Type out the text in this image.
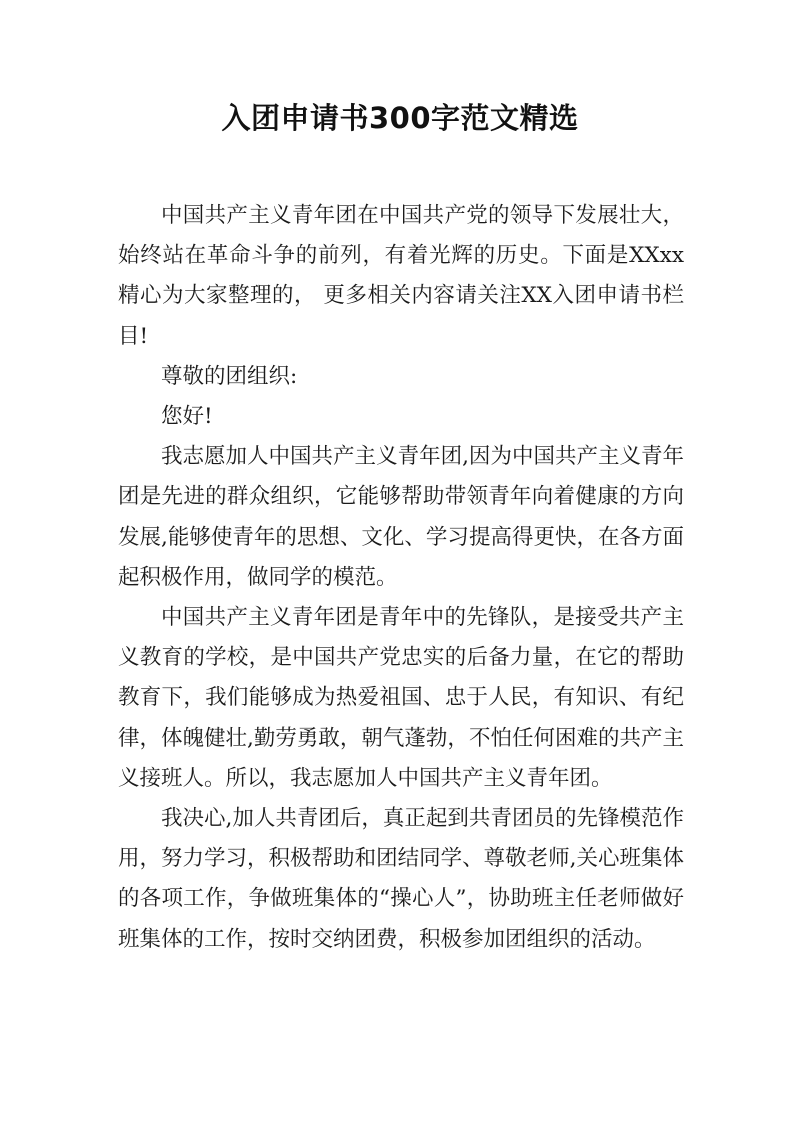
入团申请书300字范文精选

中国共产主义青年团在中国共产党的领导下发展壮大，始终站在革命斗争的前列，有着光辉的历史。下面是XXxx精心为大家整理的， 更多相关内容请关注XX入团申请书栏目!

尊敬的团组织:

您好!

我志愿加人中国共产主义青年团,因为中国共产主义青年团是先进的群众组织，它能够帮助带领青年向着健康的方向发展,能够使青年的思想、文化、学习提高得更快，在各方面起积极作用，做同学的模范。

中国共产主义青年团是青年中的先锋队，是接受共产主义教育的学校，是中国共产党忠实的后备力量，在它的帮助教育下，我们能够成为热爱祖国、忠于人民，有知识、有纪律，体魄健壮,勤劳勇敢，朝气蓬勃，不怕任何困难的共产主义接班人。所以，我志愿加人中国共产主义青年团。

我决心,加人共青团后，真正起到共青团员的先锋模范作用，努力学习，积极帮助和团结同学、尊敬老师,关心班集体的各项工作，争做班集体的“操心人”，协助班主任老师做好班集体的工作，按时交纳团费，积极参加团组织的活动。
